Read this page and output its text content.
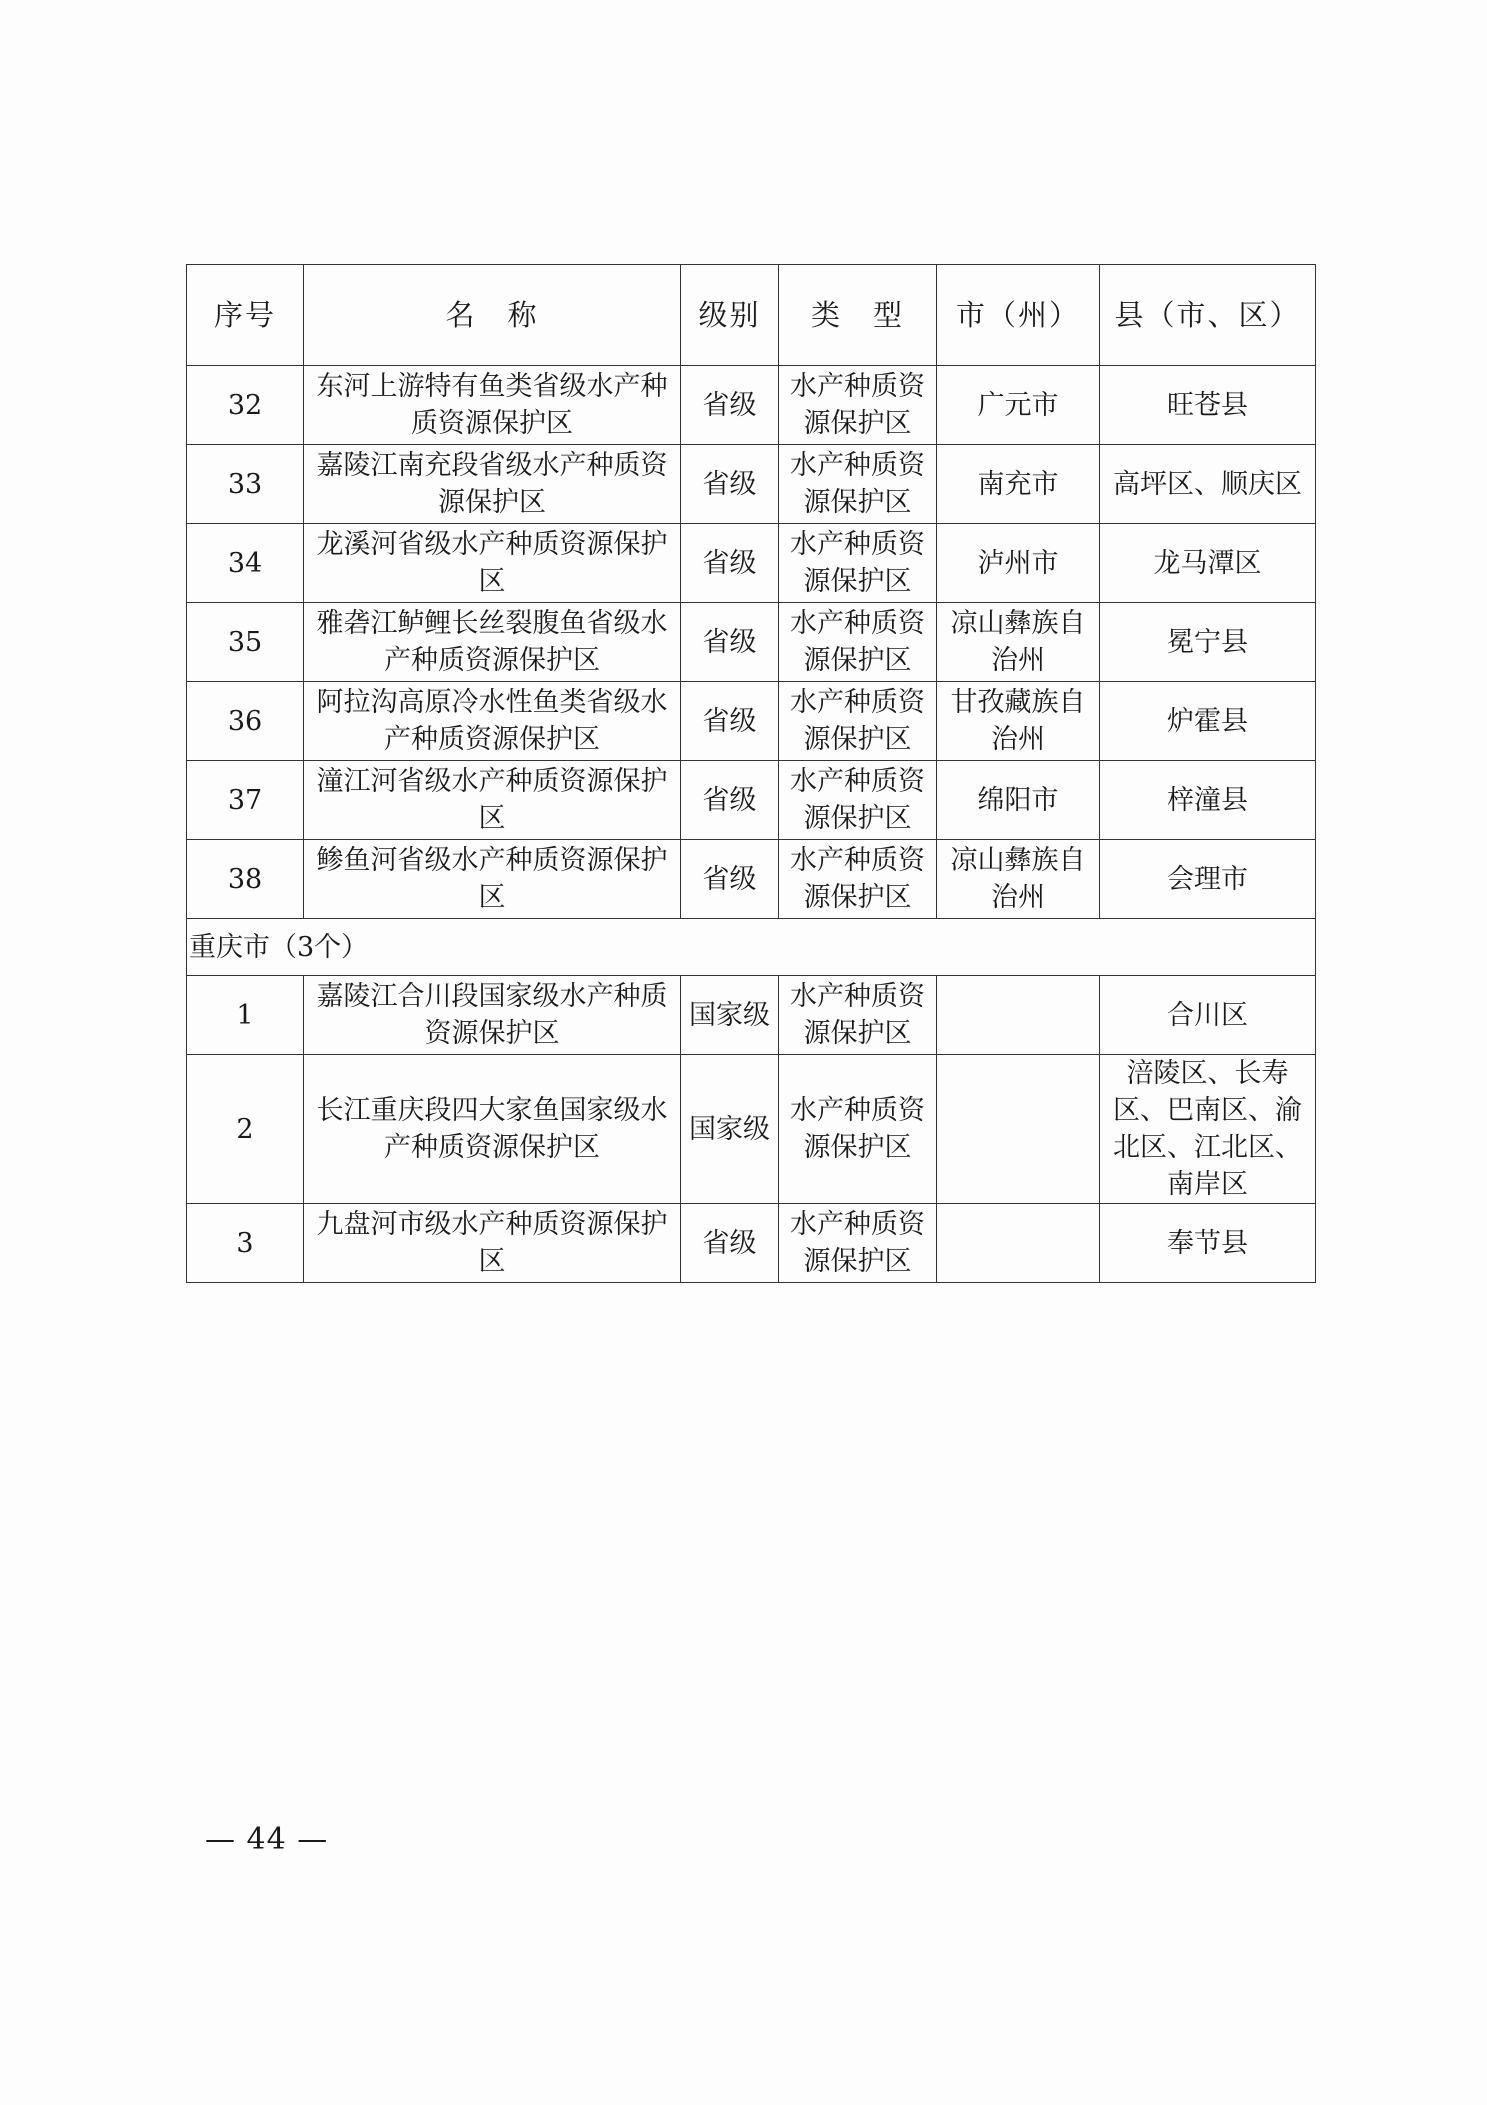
序号	名　称	级别	类　型	市（州）	县（市、区）
32	东河上游特有鱼类省级水产种质资源保护区	省级	水产种质资源保护区	广元市	旺苍县
33	嘉陵江南充段省级水产种质资源保护区	省级	水产种质资源保护区	南充市	高坪区、顺庆区
34	龙溪河省级水产种质资源保护区	省级	水产种质资源保护区	泸州市	龙马潭区
35	雅砻江鲈鲤长丝裂腹鱼省级水产种质资源保护区	省级	水产种质资源保护区	凉山彝族自治州	冕宁县
36	阿拉沟高原冷水性鱼类省级水产种质资源保护区	省级	水产种质资源保护区	甘孜藏族自治州	炉霍县
37	潼江河省级水产种质资源保护区	省级	水产种质资源保护区	绵阳市	梓潼县
38	鲹鱼河省级水产种质资源保护区	省级	水产种质资源保护区	凉山彝族自治州	会理市
重庆市（3个）					
1	嘉陵江合川段国家级水产种质资源保护区	国家级	水产种质资源保护区		合川区
2	长江重庆段四大家鱼国家级水产种质资源保护区	国家级	水产种质资源保护区		涪陵区、长寿区、巴南区、渝北区、江北区、南岸区
3	九盘河市级水产种质资源保护区	省级	水产种质资源保护区		奉节县
— 44 —
